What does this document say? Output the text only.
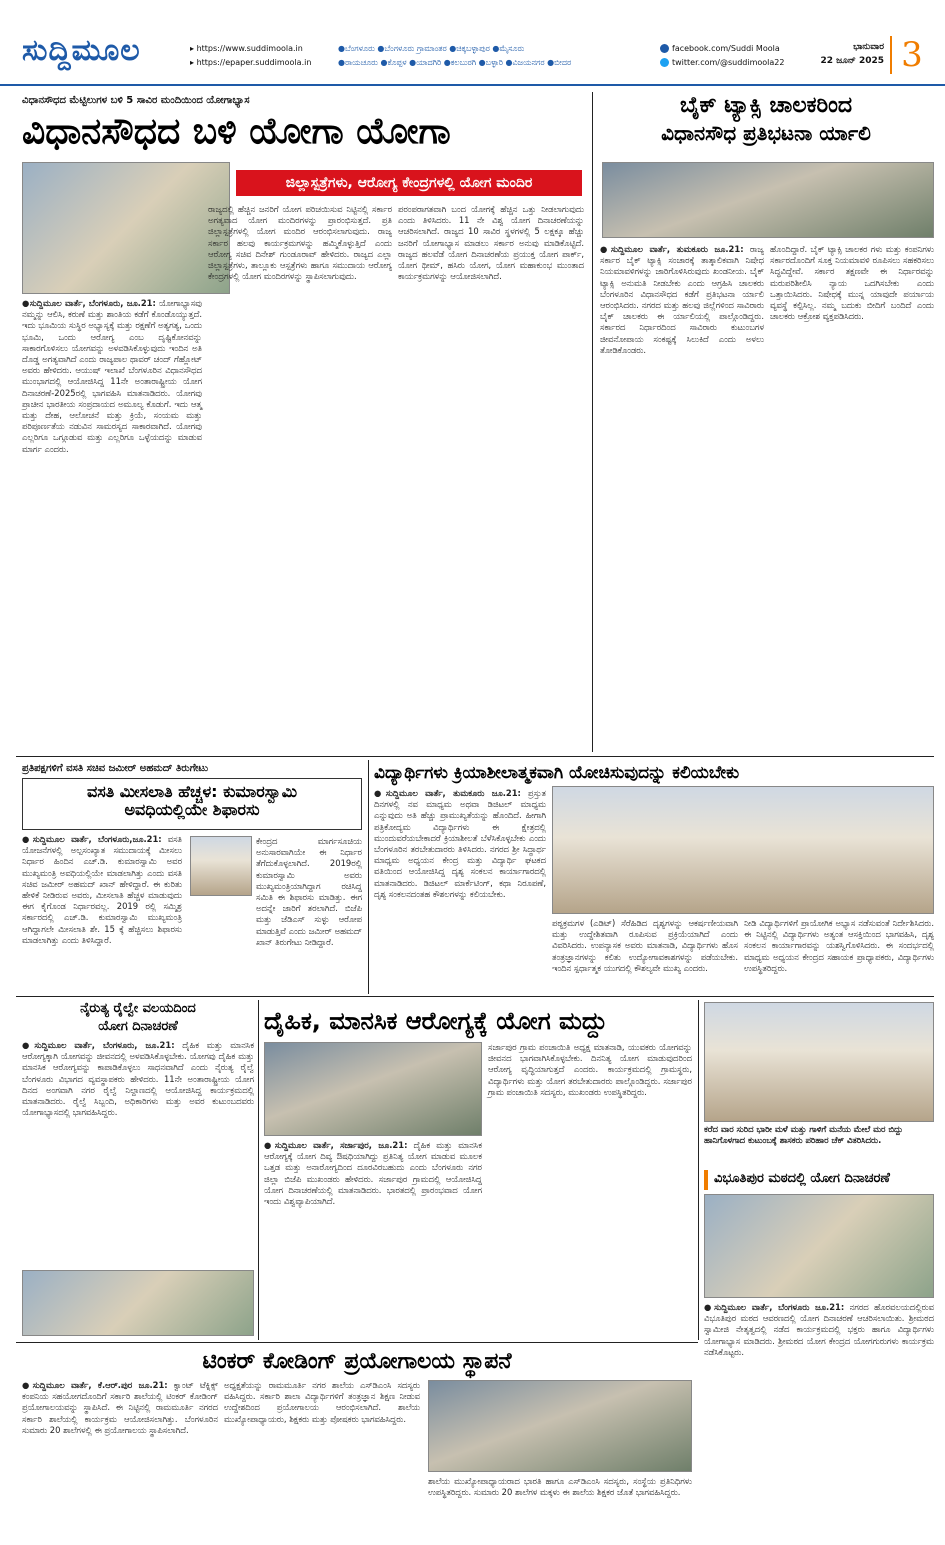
ಸುದ್ದಿಮೂಲ	▸ https://www.suddimoola.in
▸ https://epaper.suddimoola.in
●ಬೆಂಗಳೂರು ●ಬೆಂಗಳೂರು ಗ್ರಾಮಾಂತರ ●ಚಿಕ್ಕಬಳ್ಳಾಪುರ ●ಮೈಸೂರು
●ರಾಯಚೂರು ●ಕೊಪ್ಪಳ ●ಯಾದಗಿರಿ ●ಕಲಬುರಗಿ ●ಬಳ್ಳಾರಿ ●ವಿಜಯನಗರ ●ಬೀದರ
facebook.com/Suddi Moola
twitter.com/@suddimoola22
ಭಾನುವಾರ
22 ಜೂನ್ 2025 3
ವಿಧಾನಸೌಧದ ಮೆಟ್ಟಿಲುಗಳ ಬಳಿ 5 ಸಾವಿರ ಮಂದಿಯಿಂದ ಯೋಗಾಭ್ಯಾಸ
ವಿಧಾನಸೌಧದ ಬಳಿ ಯೋಗಾ ಯೋಗಾ
ಜಿಲ್ಲಾಸ್ಪತ್ರೆಗಳು, ಆರೋಗ್ಯ ಕೇಂದ್ರಗಳಲ್ಲಿ ಯೋಗ ಮಂದಿರ
●ಸುದ್ದಿಮೂಲ ವಾರ್ತೆ, ಬೆಂಗಳೂರು, ಜೂ.21: ಯೋಗಾಭ್ಯಾಸವು ನಮ್ಮನ್ನು ಆಲಿಸಿ, ಕರುಣೆ ಮತ್ತು ಶಾಂತಿಯ ಕಡೆಗೆ ಕೊಂಡೊಯ್ಯುತ್ತದೆ. ಇದು ಭೂಮಿಯ ಸುಸ್ಥಿರ ಅಭ್ಯಾಸ್ಯಕ್ಕೆ ಮತ್ತು ರಕ್ಷಣೆಗೆ ಅತ್ಯಗತ್ಯ, ಒಂದು ಭೂಮಿ, ಒಂದು ಆರೋಗ್ಯ ಎಂಬ ದೃಷ್ಟಿಕೋನವನ್ನು ಸಾಕಾರಗೊಳಿಸಲು ಯೋಗವನ್ನು ಅಳವಡಿಸಿಕೊಳ್ಳುವುದು ಇಂದಿನ ಅತಿ ದೊಡ್ಡ ಅಗತ್ಯವಾಗಿದೆ ಎಂದು ರಾಜ್ಯಪಾಲ ಥಾವರ್ ಚಂದ್ ಗೆಹ್ಲೋಟ್ ಅವರು ಹೇಳಿದರು. ಆಯುಷ್ ಇಲಾಖೆ ಬೆಂಗಳೂರಿನ ವಿಧಾನಸೌಧದ ಮುಂಭಾಗದಲ್ಲಿ ಆಯೋಜಿಸಿದ್ದ 11ನೇ ಅಂತಾರಾಷ್ಟ್ರೀಯ ಯೋಗ ದಿನಾಚರಣೆ-2025ರಲ್ಲಿ ಭಾಗವಹಿಸಿ ಮಾತನಾಡಿದರು. ಯೋಗವು ಪ್ರಾಚೀನ ಭಾರತೀಯ ಸಂಪ್ರದಾಯದ ಅಮೂಲ್ಯ ಕೊಡುಗೆ. ಇದು ಆತ್ಮ ಮತ್ತು ದೇಹ, ಆಲೋಚನೆ ಮತ್ತು ಕ್ರಿಯೆ, ಸಂಯಮ ಮತ್ತು ಪರಿಪೂರ್ಣತೆಯ ನಡುವಿನ ಸಾಮರಸ್ಯದ ಸಾಕಾರವಾಗಿದೆ. ಯೋಗವು ಎಲ್ಲರಿಗೂ ಒಗ್ಗೂಡುವ ಮತ್ತು ಎಲ್ಲರಿಗೂ ಒಳ್ಳೆಯದನ್ನು ಮಾಡುವ ಮಾರ್ಗ ಎಂದರು.
ರಾಜ್ಯದಲ್ಲಿ ಹೆಚ್ಚಿನ ಜನರಿಗೆ ಯೋಗ ಪರಿಚಯಿಸುವ ನಿಟ್ಟಿನಲ್ಲಿ ಸರ್ಕಾರ ಅಗತ್ಯವಾದ ಯೋಗ ಮಂದಿರಗಳನ್ನು ಪ್ರಾರಂಭಿಸುತ್ತದೆ. ಪ್ರತಿ ಜಿಲ್ಲಾಸ್ಪತ್ರೆಗಳಲ್ಲಿ ಯೋಗ ಮಂದಿರ ಆರಂಭಿಸಲಾಗುವುದು. ರಾಜ್ಯ ಸರ್ಕಾರ ಹಲವು ಕಾರ್ಯಕ್ರಮಗಳನ್ನು ಹಮ್ಮಿಕೊಳ್ಳುತ್ತಿದೆ ಎಂದು ಆರೋಗ್ಯ ಸಚಿವ ದಿನೇಶ್ ಗುಂಡೂರಾವ್ ಹೇಳಿದರು. ರಾಜ್ಯದ ಎಲ್ಲಾ ಜಿಲ್ಲಾಸ್ಪತ್ರೆಗಳು, ತಾಲ್ಲೂಕು ಆಸ್ಪತ್ರೆಗಳು ಹಾಗೂ ಸಮುದಾಯ ಆರೋಗ್ಯ ಕೇಂದ್ರಗಳಲ್ಲಿ ಯೋಗ ಮಂದಿರಗಳನ್ನು ಸ್ಥಾಪಿಸಲಾಗುವುದು.
ಪರಂಪರಾಗತವಾಗಿ ಬಂದ ಯೋಗಕ್ಕೆ ಹೆಚ್ಚಿನ ಒತ್ತು ನೀಡಲಾಗುವುದು ಎಂದು ತಿಳಿಸಿದರು. 11 ನೇ ವಿಶ್ವ ಯೋಗ ದಿನಾಚರಣೆಯನ್ನು ಆಚರಿಸಲಾಗಿದೆ. ರಾಜ್ಯದ 10 ಸಾವಿರ ಸ್ಥಳಗಳಲ್ಲಿ 5 ಲಕ್ಷಕ್ಕೂ ಹೆಚ್ಚು ಜನರಿಗೆ ಯೋಗಾಭ್ಯಾಸ ಮಾಡಲು ಸರ್ಕಾರ ಅನುವು ಮಾಡಿಕೊಟ್ಟಿದೆ. ರಾಜ್ಯದ ಹಲವೆಡೆ ಯೋಗ ದಿನಾಚರಣೆಯ ಪ್ರಯುಕ್ತ ಯೋಗ ಪಾರ್ಕ್, ಯೋಗ ಥೀಮ್, ಹಸಿರು ಯೋಗ, ಯೋಗ ಮಹಾಕುಂಭ ಮುಂತಾದ ಕಾರ್ಯಕ್ರಮಗಳನ್ನು ಆಯೋಜಿಸಲಾಗಿದೆ.
ಬೈಕ್ ಟ್ಯಾಕ್ಸಿ ಚಾಲಕರಿಂದ
ವಿಧಾನಸೌಧ ಪ್ರತಿಭಟನಾ ರ್ಯಾಲಿ
●ಸುದ್ದಿಮೂಲ ವಾರ್ತೆ, ತುಮಕೂರು ಜೂ.21: ರಾಜ್ಯ ಸರ್ಕಾರ ಬೈಕ್ ಟ್ಯಾಕ್ಸಿ ಸಂಚಾರಕ್ಕೆ ತಾತ್ಕಾಲಿಕವಾಗಿ ನಿಷೇಧ ನಿಯಮಾವಳಿಗಳನ್ನು ಜಾರಿಗೊಳಿಸಿರುವುದು ಖಂಡನೀಯ. ಬೈಕ್ ಟ್ಯಾಕ್ಸಿ ಅನುಮತಿ ನೀಡಬೇಕು ಎಂದು ಆಗ್ರಹಿಸಿ ಚಾಲಕರು ಬೆಂಗಳೂರಿನ ವಿಧಾನಸೌಧದ ಕಡೆಗೆ ಪ್ರತಿಭಟನಾ ರ್ಯಾಲಿ ಆರಂಭಿಸಿದರು. ನಗರದ ಮತ್ತು ಹಲವು ಜಿಲ್ಲೆಗಳಿಂದ ಸಾವಿರಾರು ಬೈಕ್ ಚಾಲಕರು ಈ ರ್ಯಾಲಿಯಲ್ಲಿ ಪಾಲ್ಗೊಂಡಿದ್ದರು. ಸರ್ಕಾರದ ನಿರ್ಧಾರದಿಂದ ಸಾವಿರಾರು ಕುಟುಂಬಗಳ ಜೀವನೋಪಾಯ ಸಂಕಷ್ಟಕ್ಕೆ ಸಿಲುಕಿದೆ ಎಂದು ಅಳಲು ತೋಡಿಕೊಂಡರು.
ಹೊಂದಿದ್ದಾರೆ. ಬೈಕ್ ಟ್ಯಾಕ್ಸಿ ಚಾಲಕರ ಗಳು ಮತ್ತು ಕಂಪನಿಗಳು ಸರ್ಕಾರದೊಂದಿಗೆ ಸೂಕ್ತ ನಿಯಮಾವಳಿ ರೂಪಿಸಲು ಸಹಕರಿಸಲು ಸಿದ್ಧವಿದ್ದೇವೆ. ಸರ್ಕಾರ ತಕ್ಷಣವೇ ಈ ನಿರ್ಧಾರವನ್ನು ಮರುಪರಿಶೀಲಿಸಿ ನ್ಯಾಯ ಒದಗಿಸಬೇಕು ಎಂದು ಒತ್ತಾಯಿಸಿದರು. ನಿಷೇಧಕ್ಕೆ ಮುನ್ನ ಯಾವುದೇ ಪರ್ಯಾಯ ವ್ಯವಸ್ಥೆ ಕಲ್ಪಿಸಿಲ್ಲ. ನಮ್ಮ ಬದುಕು ಬೀದಿಗೆ ಬಂದಿದೆ ಎಂದು ಚಾಲಕರು ಆಕ್ರೋಶ ವ್ಯಕ್ತಪಡಿಸಿದರು.
ಪ್ರತಿಪಕ್ಷಗಳಿಗೆ ವಸತಿ ಸಚಿವ ಜಮೀರ್ ಅಹಮದ್ ತಿರುಗೇಟು
ವಸತಿ ಮೀಸಲಾತಿ ಹೆಚ್ಚಳ: ಕುಮಾರಸ್ವಾಮಿ
ಅವಧಿಯಲ್ಲಿಯೇ ಶಿಫಾರಸು
●ಸುದ್ದಿಮೂಲ ವಾರ್ತೆ, ಬೆಂಗಳೂರು,ಜೂ.21: ವಸತಿ ಯೋಜನೆಗಳಲ್ಲಿ ಅಲ್ಪಸಂಖ್ಯಾತ ಸಮುದಾಯಕ್ಕೆ ಮೀಸಲು ನಿರ್ಧಾರ ಹಿಂದಿನ ಎಚ್.ಡಿ. ಕುಮಾರಸ್ವಾಮಿ ಅವರ ಮುಖ್ಯಮಂತ್ರಿ ಅವಧಿಯಲ್ಲಿಯೇ ಮಾಡಲಾಗಿತ್ತು ಎಂದು ವಸತಿ ಸಚಿವ ಜಮೀರ್ ಅಹಮದ್ ಖಾನ್ ಹೇಳಿದ್ದಾರೆ. ಈ ಕುರಿತು ಹೇಳಿಕೆ ನೀಡಿರುವ ಅವರು, ಮೀಸಲಾತಿ ಹೆಚ್ಚಳ ಮಾಡುವುದು ಈಗ ಕೈಗೊಂಡ ನಿರ್ಧಾರವಲ್ಲ. 2019 ರಲ್ಲಿ ಸಮ್ಮಿಶ್ರ ಸರ್ಕಾರದಲ್ಲಿ ಎಚ್.ಡಿ. ಕುಮಾರಸ್ವಾಮಿ ಮುಖ್ಯಮಂತ್ರಿ ಆಗಿದ್ದಾಗಲೇ ಮೀಸಲಾತಿ ಶೇ. 15 ಕ್ಕೆ ಹೆಚ್ಚಿಸಲು ಶಿಫಾರಸು ಮಾಡಲಾಗಿತ್ತು ಎಂದು ತಿಳಿಸಿದ್ದಾರೆ.
ಕೇಂದ್ರದ ಮಾರ್ಗಸೂಚಿಯ ಅನುಸಾರವಾಗಿಯೇ ಈ ನಿರ್ಧಾರ ತೆಗೆದುಕೊಳ್ಳಲಾಗಿದೆ. 2019ರಲ್ಲಿ ಕುಮಾರಸ್ವಾಮಿ ಅವರು ಮುಖ್ಯಮಂತ್ರಿಯಾಗಿದ್ದಾಗ ರಚಿಸಿದ್ದ ಸಮಿತಿ ಈ ಶಿಫಾರಸು ಮಾಡಿತ್ತು. ಈಗ ಅದನ್ನೇ ಜಾರಿಗೆ ತರಲಾಗಿದೆ. ಬಿಜೆಪಿ ಮತ್ತು ಜೆಡಿಎಸ್ ಸುಳ್ಳು ಆರೋಪ ಮಾಡುತ್ತಿವೆ ಎಂದು ಜಮೀರ್ ಅಹಮದ್ ಖಾನ್ ತಿರುಗೇಟು ನೀಡಿದ್ದಾರೆ.
ವಿದ್ಯಾರ್ಥಿಗಳು ಕ್ರಿಯಾಶೀಲಾತ್ಮಕವಾಗಿ ಯೋಚಿಸುವುದನ್ನು ಕಲಿಯಬೇಕು
●ಸುದ್ದಿಮೂಲ ವಾರ್ತೆ, ತುಮಕೂರು ಜೂ.21: ಪ್ರಸ್ತುತ ದಿನಗಳಲ್ಲಿ ನವ ಮಾಧ್ಯಮ ಅಥವಾ ಡಿಜಿಟಲ್ ಮಾಧ್ಯಮ ಎನ್ನುವುದು ಅತಿ ಹೆಚ್ಚು ಪ್ರಾಮುಖ್ಯತೆಯನ್ನು ಹೊಂದಿದೆ. ಹೀಗಾಗಿ ಪತ್ರಿಕೋದ್ಯಮ ವಿದ್ಯಾರ್ಥಿಗಳು ಈ ಕ್ಷೇತ್ರದಲ್ಲಿ ಮುಂದುವರೆಯಬೇಕಾದರೆ ಕ್ರಿಯಾಶೀಲತೆ ಬೆಳೆಸಿಕೊಳ್ಳಬೇಕು ಎಂದು ಬೆಂಗಳೂರಿನ ತರಬೇತುದಾರರು ತಿಳಿಸಿದರು. ನಗರದ ಶ್ರೀ ಸಿದ್ಧಾರ್ಥ ಮಾಧ್ಯಮ ಅಧ್ಯಯನ ಕೇಂದ್ರ ಮತ್ತು ವಿದ್ಯಾರ್ಥಿ ಘಟಕದ ವತಿಯಿಂದ ಆಯೋಜಿಸಿದ್ದ ದೃಶ್ಯ ಸಂಕಲನ ಕಾರ್ಯಾಗಾರದಲ್ಲಿ ಮಾತನಾಡಿದರು. ಡಿಜಿಟಲ್ ಮಾರ್ಕೆಟಿಂಗ್, ಕಥಾ ನಿರೂಪಣೆ, ದೃಶ್ಯ ಸಂಕಲನದಂತಹ ಕೌಶಲಗಳನ್ನು ಕಲಿಯಬೇಕು.
ಪಠ್ಯಕ್ರಮಗಳ (ಎಡಿಟ್) ಸೆರೆಹಿಡಿದ ದೃಶ್ಯಗಳನ್ನು ಆಕರ್ಷಣೀಯವಾಗಿ ಮತ್ತು ಉದ್ದೇಶಿತವಾಗಿ ರೂಪಿಸುವ ಪ್ರಕ್ರಿಯೆಯಾಗಿದೆ ಎಂದು ವಿವರಿಸಿದರು. ಉಪನ್ಯಾಸಕ ಅವರು ಮಾತನಾಡಿ, ವಿದ್ಯಾರ್ಥಿಗಳು ಹೊಸ ತಂತ್ರಜ್ಞಾನಗಳನ್ನು ಕಲಿತು ಉದ್ಯೋಗಾವಕಾಶಗಳನ್ನು ಪಡೆಯಬೇಕು. ಇಂದಿನ ಸ್ಪರ್ಧಾತ್ಮಕ ಯುಗದಲ್ಲಿ ಕೌಶಲ್ಯವೇ ಮುಖ್ಯ ಎಂದರು.
ನೀಡಿ ವಿದ್ಯಾರ್ಥಿಗಳಿಗೆ ಪ್ರಾಯೋಗಿಕ ಅಭ್ಯಾಸ ನಡೆಸುವಂತೆ ನಿರ್ದೇಶಿಸಿದರು. ಈ ನಿಟ್ಟಿನಲ್ಲಿ ವಿದ್ಯಾರ್ಥಿಗಳು ಅತ್ಯಂತ ಆಸಕ್ತಿಯಿಂದ ಭಾಗವಹಿಸಿ, ದೃಶ್ಯ ಸಂಕಲನ ಕಾರ್ಯಾಗಾರವನ್ನು ಯಶಸ್ವಿಗೊಳಿಸಿದರು. ಈ ಸಂದರ್ಭದಲ್ಲಿ ಮಾಧ್ಯಮ ಅಧ್ಯಯನ ಕೇಂದ್ರದ ಸಹಾಯಕ ಪ್ರಾಧ್ಯಾಪಕರು, ವಿದ್ಯಾರ್ಥಿಗಳು ಉಪಸ್ಥಿತರಿದ್ದರು.
ನೈರುತ್ಯ ರೈಲ್ವೇ ವಲಯದಿಂದ
ಯೋಗ ದಿನಾಚರಣೆ
●ಸುದ್ದಿಮೂಲ ವಾರ್ತೆ, ಬೆಂಗಳೂರು, ಜೂ.21: ದೈಹಿಕ ಮತ್ತು ಮಾನಸಿಕ ಆರೋಗ್ಯಕ್ಕಾಗಿ ಯೋಗವನ್ನು ಜೀವನದಲ್ಲಿ ಅಳವಡಿಸಿಕೊಳ್ಳಬೇಕು. ಯೋಗವು ದೈಹಿಕ ಮತ್ತು ಮಾನಸಿಕ ಆರೋಗ್ಯವನ್ನು ಕಾಪಾಡಿಕೊಳ್ಳಲು ಸಾಧನವಾಗಿದೆ ಎಂದು ನೈರುತ್ಯ ರೈಲ್ವೆ ಬೆಂಗಳೂರು ವಿಭಾಗದ ವ್ಯವಸ್ಥಾಪಕರು ಹೇಳಿದರು. 11ನೇ ಅಂತಾರಾಷ್ಟ್ರೀಯ ಯೋಗ ದಿನದ ಅಂಗವಾಗಿ ನಗರ ರೈಲ್ವೆ ನಿಲ್ದಾಣದಲ್ಲಿ ಆಯೋಜಿಸಿದ್ದ ಕಾರ್ಯಕ್ರಮದಲ್ಲಿ ಮಾತನಾಡಿದರು. ರೈಲ್ವೆ ಸಿಬ್ಬಂದಿ, ಅಧಿಕಾರಿಗಳು ಮತ್ತು ಅವರ ಕುಟುಂಬದವರು ಯೋಗಾಭ್ಯಾಸದಲ್ಲಿ ಭಾಗವಹಿಸಿದ್ದರು.
ದೈಹಿಕ, ಮಾನಸಿಕ ಆರೋಗ್ಯಕ್ಕೆ ಯೋಗ ಮದ್ದು
●ಸುದ್ದಿಮೂಲ ವಾರ್ತೆ, ಸರ್ಜಾಪುರ, ಜೂ.21: ದೈಹಿಕ ಮತ್ತು ಮಾನಸಿಕ ಆರೋಗ್ಯಕ್ಕೆ ಯೋಗ ದಿವ್ಯ ಔಷಧಿಯಾಗಿದ್ದು ಪ್ರತಿನಿತ್ಯ ಯೋಗ ಮಾಡುವ ಮೂಲಕ ಒತ್ತಡ ಮತ್ತು ಅನಾರೋಗ್ಯದಿಂದ ದೂರವಿರಬಹುದು ಎಂದು ಬೆಂಗಳೂರು ನಗರ ಜಿಲ್ಲಾ ಬಿಜೆಪಿ ಮುಖಂಡರು ಹೇಳಿದರು. ಸರ್ಜಾಪುರ ಗ್ರಾಮದಲ್ಲಿ ಆಯೋಜಿಸಿದ್ದ ಯೋಗ ದಿನಾಚರಣೆಯಲ್ಲಿ ಮಾತನಾಡಿದರು. ಭಾರತದಲ್ಲಿ ಪ್ರಾರಂಭವಾದ ಯೋಗ ಇಂದು ವಿಶ್ವವ್ಯಾಪಿಯಾಗಿದೆ.
ಸರ್ಜಾಪುರ ಗ್ರಾಮ ಪಂಚಾಯಿತಿ ಅಧ್ಯಕ್ಷ ಮಾತನಾಡಿ, ಯುವಕರು ಯೋಗವನ್ನು ಜೀವನದ ಭಾಗವಾಗಿಸಿಕೊಳ್ಳಬೇಕು. ದಿನನಿತ್ಯ ಯೋಗ ಮಾಡುವುದರಿಂದ ಆರೋಗ್ಯ ವೃದ್ಧಿಯಾಗುತ್ತದೆ ಎಂದರು. ಕಾರ್ಯಕ್ರಮದಲ್ಲಿ ಗ್ರಾಮಸ್ಥರು, ವಿದ್ಯಾರ್ಥಿಗಳು ಮತ್ತು ಯೋಗ ತರಬೇತುದಾರರು ಪಾಲ್ಗೊಂಡಿದ್ದರು. ಸರ್ಜಾಪುರ ಗ್ರಾಮ ಪಂಚಾಯಿತಿ ಸದಸ್ಯರು, ಮುಖಂಡರು ಉಪಸ್ಥಿತರಿದ್ದರು.
ಕರೆದ ವಾರ ಸುರಿದ ಭಾರೀ ಮಳೆ ಮತ್ತು ಗಾಳಿಗೆ ಮನೆಯ ಮೇಲೆ ಮರ ಬಿದ್ದು ಹಾನಿಗೊಳಗಾದ ಕುಟುಂಬಕ್ಕೆ ಶಾಸಕರು ಪರಿಹಾರ ಚೆಕ್ ವಿತರಿಸಿದರು.
ವಿಭೂತಿಪುರ ಮಠದಲ್ಲಿ ಯೋಗ ದಿನಾಚರಣೆ
●ಸುದ್ದಿಮೂಲ ವಾರ್ತೆ, ಬೆಂಗಳೂರು ಜೂ.21: ನಗರದ ಹೊರವಲಯದಲ್ಲಿರುವ ವಿಭೂತಿಪುರ ಮಠದ ಆವರಣದಲ್ಲಿ ಯೋಗ ದಿನಾಚರಣೆ ಆಚರಿಸಲಾಯಿತು. ಶ್ರೀಮಠದ ಸ್ವಾಮೀಜಿ ನೇತೃತ್ವದಲ್ಲಿ ನಡೆದ ಕಾರ್ಯಕ್ರಮದಲ್ಲಿ ಭಕ್ತರು ಹಾಗೂ ವಿದ್ಯಾರ್ಥಿಗಳು ಯೋಗಾಭ್ಯಾಸ ಮಾಡಿದರು. ಶ್ರೀಮಠದ ಯೋಗ ಕೇಂದ್ರದ ಯೋಗಗುರುಗಳು ಕಾರ್ಯಕ್ರಮ ನಡೆಸಿಕೊಟ್ಟರು.
ಟಿಂಕರ್ ಕೋಡಿಂಗ್ ಪ್ರಯೋಗಾಲಯ ಸ್ಥಾಪನೆ
●ಸುದ್ದಿಮೂಲ ವಾರ್ತೆ, ಕೆ.ಆರ್.ಪುರ ಜೂ.21: ಕ್ವಾಂಟ್ ಟೆಕ್ನಿಕ್ಸ್ ಕಂಪನಿಯ ಸಹಯೋಗದೊಂದಿಗೆ ಸರ್ಕಾರಿ ಶಾಲೆಯಲ್ಲಿ ಟಿಂಕರ್ ಕೋಡಿಂಗ್ ಪ್ರಯೋಗಾಲಯವನ್ನು ಸ್ಥಾಪಿಸಿದೆ. ಈ ನಿಟ್ಟಿನಲ್ಲಿ ರಾಮಮೂರ್ತಿ ನಗರದ ಸರ್ಕಾರಿ ಶಾಲೆಯಲ್ಲಿ ಕಾರ್ಯಕ್ರಮ ಆಯೋಜಿಸಲಾಗಿತ್ತು. ಬೆಂಗಳೂರಿನ ಸುಮಾರು 20 ಶಾಲೆಗಳಲ್ಲಿ ಈ ಪ್ರಯೋಗಾಲಯ ಸ್ಥಾಪಿಸಲಾಗಿದೆ.
ಅಧ್ಯಕ್ಷತೆಯನ್ನು ರಾಮಮೂರ್ತಿ ನಗರ ಶಾಲೆಯ ಎಸ್‌ಡಿಎಂಸಿ ಸದಸ್ಯರು ವಹಿಸಿದ್ದರು. ಸರ್ಕಾರಿ ಶಾಲಾ ವಿದ್ಯಾರ್ಥಿಗಳಿಗೆ ತಂತ್ರಜ್ಞಾನ ಶಿಕ್ಷಣ ನೀಡುವ ಉದ್ದೇಶದಿಂದ ಪ್ರಯೋಗಾಲಯ ಆರಂಭಿಸಲಾಗಿದೆ. ಶಾಲೆಯ ಮುಖ್ಯೋಪಾಧ್ಯಾಯರು, ಶಿಕ್ಷಕರು ಮತ್ತು ಪೋಷಕರು ಭಾಗವಹಿಸಿದ್ದರು.
ಶಾಲೆಯ ಮುಖ್ಯೋಪಾಧ್ಯಾಯರಾದ ಭಾರತಿ ಹಾಗೂ ಎಸ್‌ಡಿಎಂಸಿ ಸದಸ್ಯರು, ಸಂಸ್ಥೆಯ ಪ್ರತಿನಿಧಿಗಳು ಉಪಸ್ಥಿತರಿದ್ದರು. ಸುಮಾರು 20 ಶಾಲೆಗಳ ಮಕ್ಕಳು ಈ ಶಾಲೆಯ ಶಿಕ್ಷಕರ ಜೊತೆ ಭಾಗವಹಿಸಿದ್ದರು.
